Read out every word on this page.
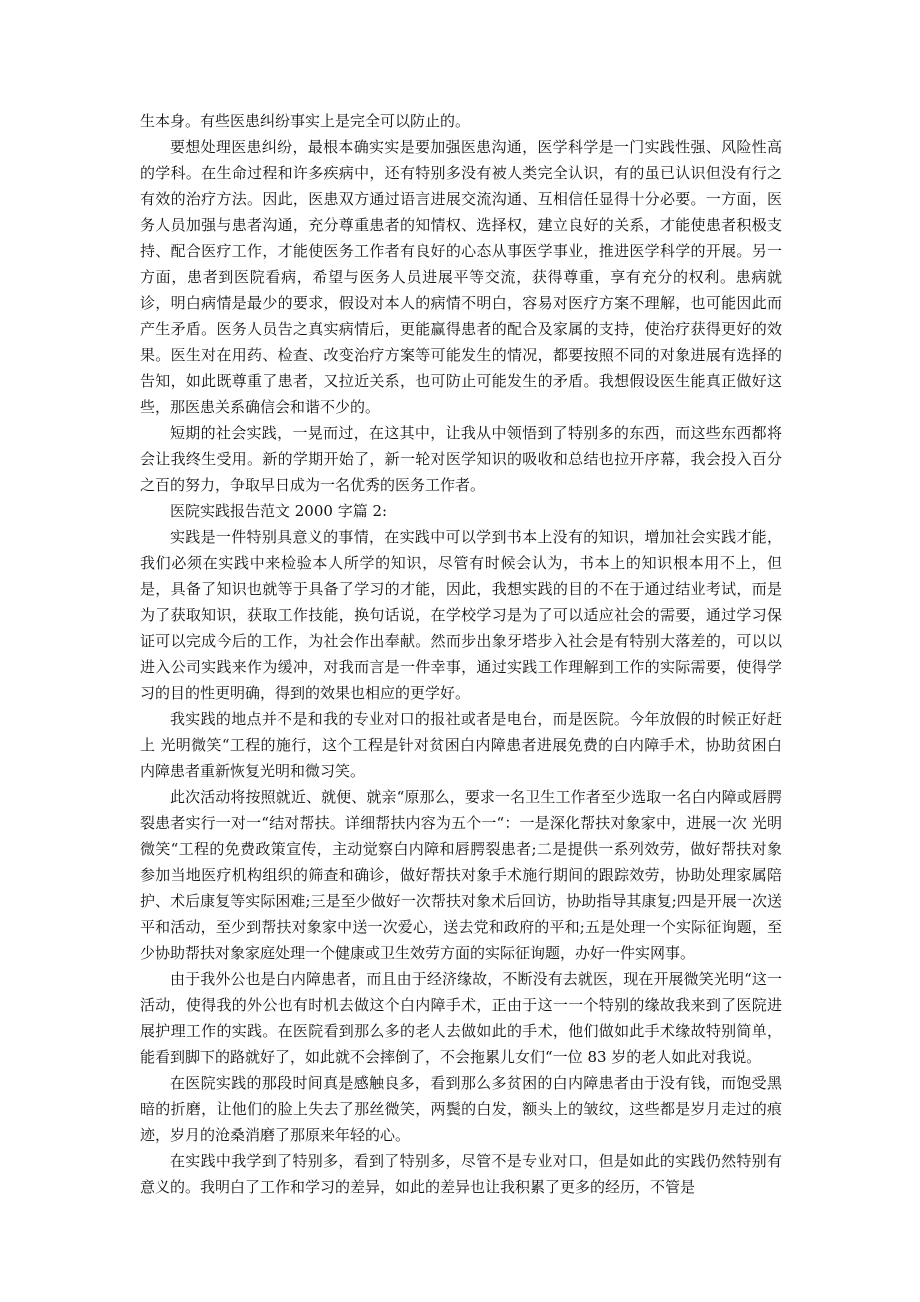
生本身。有些医患纠纷事实上是完全可以防止的。

要想处理医患纠纷，最根本确实实是要加强医患沟通，医学科学是一门实践性强、风险性高的学科。在生命过程和许多疾病中，还有特别多没有被人类完全认识，有的虽已认识但没有行之有效的治疗方法。因此，医患双方通过语言进展交流沟通、互相信任显得十分必要。一方面，医务人员加强与患者沟通，充分尊重患者的知情权、选择权，建立良好的关系，才能使患者积极支持、配合医疗工作，才能使医务工作者有良好的心态从事医学事业，推进医学科学的开展。另一方面，患者到医院看病，希望与医务人员进展平等交流，获得尊重，享有充分的权利。患病就诊，明白病情是最少的要求，假设对本人的病情不明白，容易对医疗方案不理解，也可能因此而产生矛盾。医务人员告之真实病情后，更能赢得患者的配合及家属的支持，使治疗获得更好的效果。医生对在用药、检查、改变治疗方案等可能发生的情况，都要按照不同的对象进展有选择的告知，如此既尊重了患者，又拉近关系，也可防止可能发生的矛盾。我想假设医生能真正做好这些，那医患关系确信会和谐不少的。

短期的社会实践，一晃而过，在这其中，让我从中领悟到了特别多的东西，而这些东西都将会让我终生受用。新的学期开始了，新一轮对医学知识的吸收和总结也拉开序幕，我会投入百分之百的努力，争取早日成为一名优秀的医务工作者。

医院实践报告范文 2000 字篇 2:

实践是一件特别具意义的事情，在实践中可以学到书本上没有的知识，增加社会实践才能，我们必须在实践中来检验本人所学的知识，尽管有时候会认为，书本上的知识根本用不上，但是，具备了知识也就等于具备了学习的才能，因此，我想实践的目的不在于通过结业考试，而是为了获取知识，获取工作技能，换句话说，在学校学习是为了可以适应社会的需要，通过学习保证可以完成今后的工作，为社会作出奉献。然而步出象牙塔步入社会是有特别大落差的，可以以进入公司实践来作为缓冲，对我而言是一件幸事，通过实践工作理解到工作的实际需要，使得学习的目的性更明确，得到的效果也相应的更学好。

我实践的地点并不是和我的专业对口的报社或者是电台，而是医院。今年放假的时候正好赶上 光明微笑“工程的施行，这个工程是针对贫困白内障患者进展免费的白内障手术，协助贫困白内障患者重新恢复光明和微习笑。

此次活动将按照就近、就便、就亲“原那么，要求一名卫生工作者至少选取一名白内障或唇腭裂患者实行一对一“结对帮扶。详细帮扶内容为五个一“：一是深化帮扶对象家中，进展一次 光明微笑“工程的免费政策宣传，主动觉察白内障和唇腭裂患者;二是提供一系列效劳，做好帮扶对象参加当地医疗机构组织的筛查和确诊，做好帮扶对象手术施行期间的跟踪效劳，协助处理家属陪护、术后康复等实际困难;三是至少做好一次帮扶对象术后回访，协助指导其康复;四是开展一次送平和活动，至少到帮扶对象家中送一次爱心，送去党和政府的平和;五是处理一个实际征询题，至少协助帮扶对象家庭处理一个健康或卫生效劳方面的实际征询题，办好一件实网事。

由于我外公也是白内障患者，而且由于经济缘故，不断没有去就医，现在开展微笑光明“这一活动，使得我的外公也有时机去做这个白内障手术，正由于这一一个特别的缘故我来到了医院进展护理工作的实践。在医院看到那么多的老人去做如此的手术，他们做如此手术缘故特别简单，能看到脚下的路就好了，如此就不会摔倒了，不会拖累儿女们“一位 83 岁的老人如此对我说。

在医院实践的那段时间真是感触良多，看到那么多贫困的白内障患者由于没有钱，而饱受黑暗的折磨，让他们的脸上失去了那丝微笑，两鬓的白发，额头上的皱纹，这些都是岁月走过的痕迹，岁月的沧桑消磨了那原来年轻的心。

在实践中我学到了特别多，看到了特别多，尽管不是专业对口，但是如此的实践仍然特别有意义的。我明白了工作和学习的差异，如此的差异也让我积累了更多的经历，不管是
